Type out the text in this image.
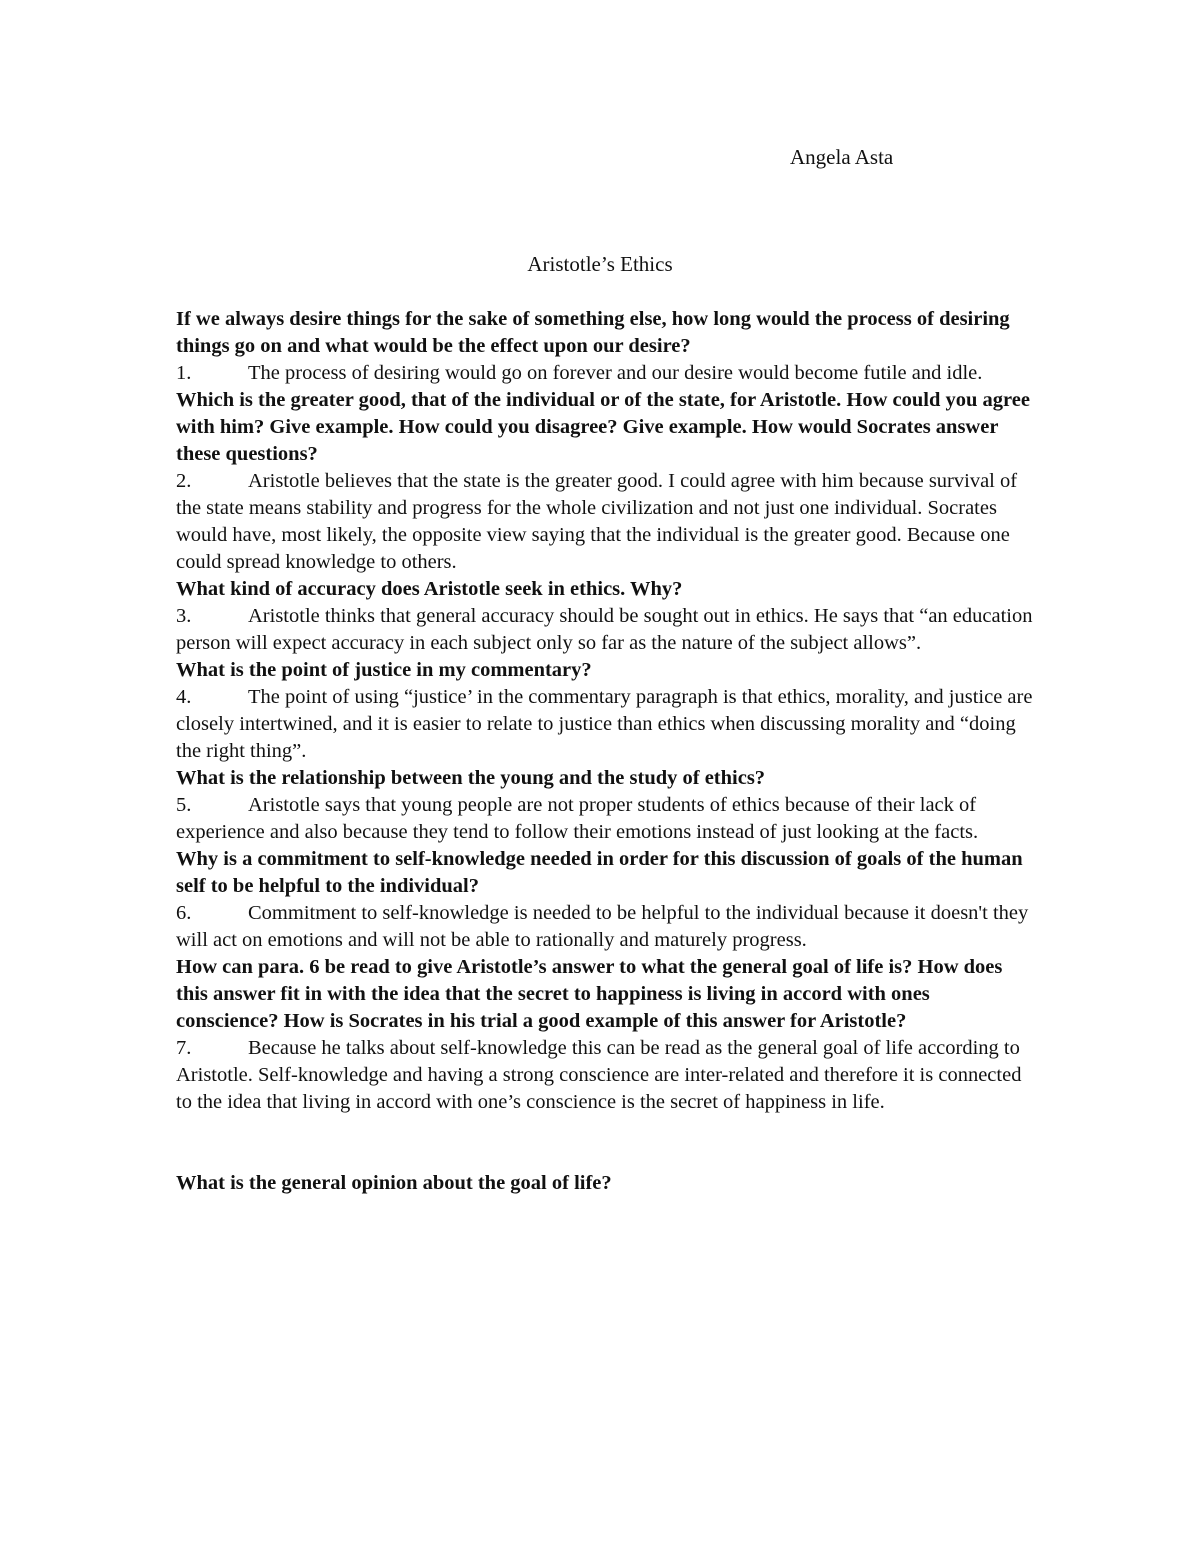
Angela Asta
Aristotle’s Ethics

If we always desire things for the sake of something else, how long would the process of desiring things go on and what would be the effect upon our desire?

1.	The process of desiring would go on forever and our desire would become futile and idle.

Which is the greater good, that of the individual or of the state, for Aristotle. How could you agree with him? Give example. How could you disagree? Give example. How would Socrates answer these questions?

2.	Aristotle believes that the state is the greater good. I could agree with him because survival of the state means stability and progress for the whole civilization and not just one individual. Socrates would have, most likely, the opposite view saying that the individual is the greater good. Because one could spread knowledge to others.

What kind of accuracy does Aristotle seek in ethics. Why?

3.	Aristotle thinks that general accuracy should be sought out in ethics. He says that “an education person will expect accuracy in each subject only so far as the nature of the subject allows”.

What is the point of justice in my commentary?

4.	The point of using “justice’ in the commentary paragraph is that ethics, morality, and justice are closely intertwined, and it is easier to relate to justice than ethics when discussing morality and “doing the right thing”.

What is the relationship between the young and the study of ethics?

5.	Aristotle says that young people are not proper students of ethics because of their lack of experience and also because they tend to follow their emotions instead of just looking at the facts.

Why is a commitment to self-knowledge needed in order for this discussion of goals of the human self to be helpful to the individual?

6.	Commitment to self-knowledge is needed to be helpful to the individual because it doesn't they will act on emotions and will not be able to rationally and maturely progress.

How can para. 6 be read to give Aristotle’s answer to what the general goal of life is? How does this answer fit in with the idea that the secret to happiness is living in accord with ones conscience? How is Socrates in his trial a good example of this answer for Aristotle?

7.	Because he talks about self-knowledge this can be read as the general goal of life according to Aristotle. Self-knowledge and having a strong conscience are inter-related and therefore it is connected to the idea that living in accord with one’s conscience is the secret of happiness in life.

What is the general opinion about the goal of life?
